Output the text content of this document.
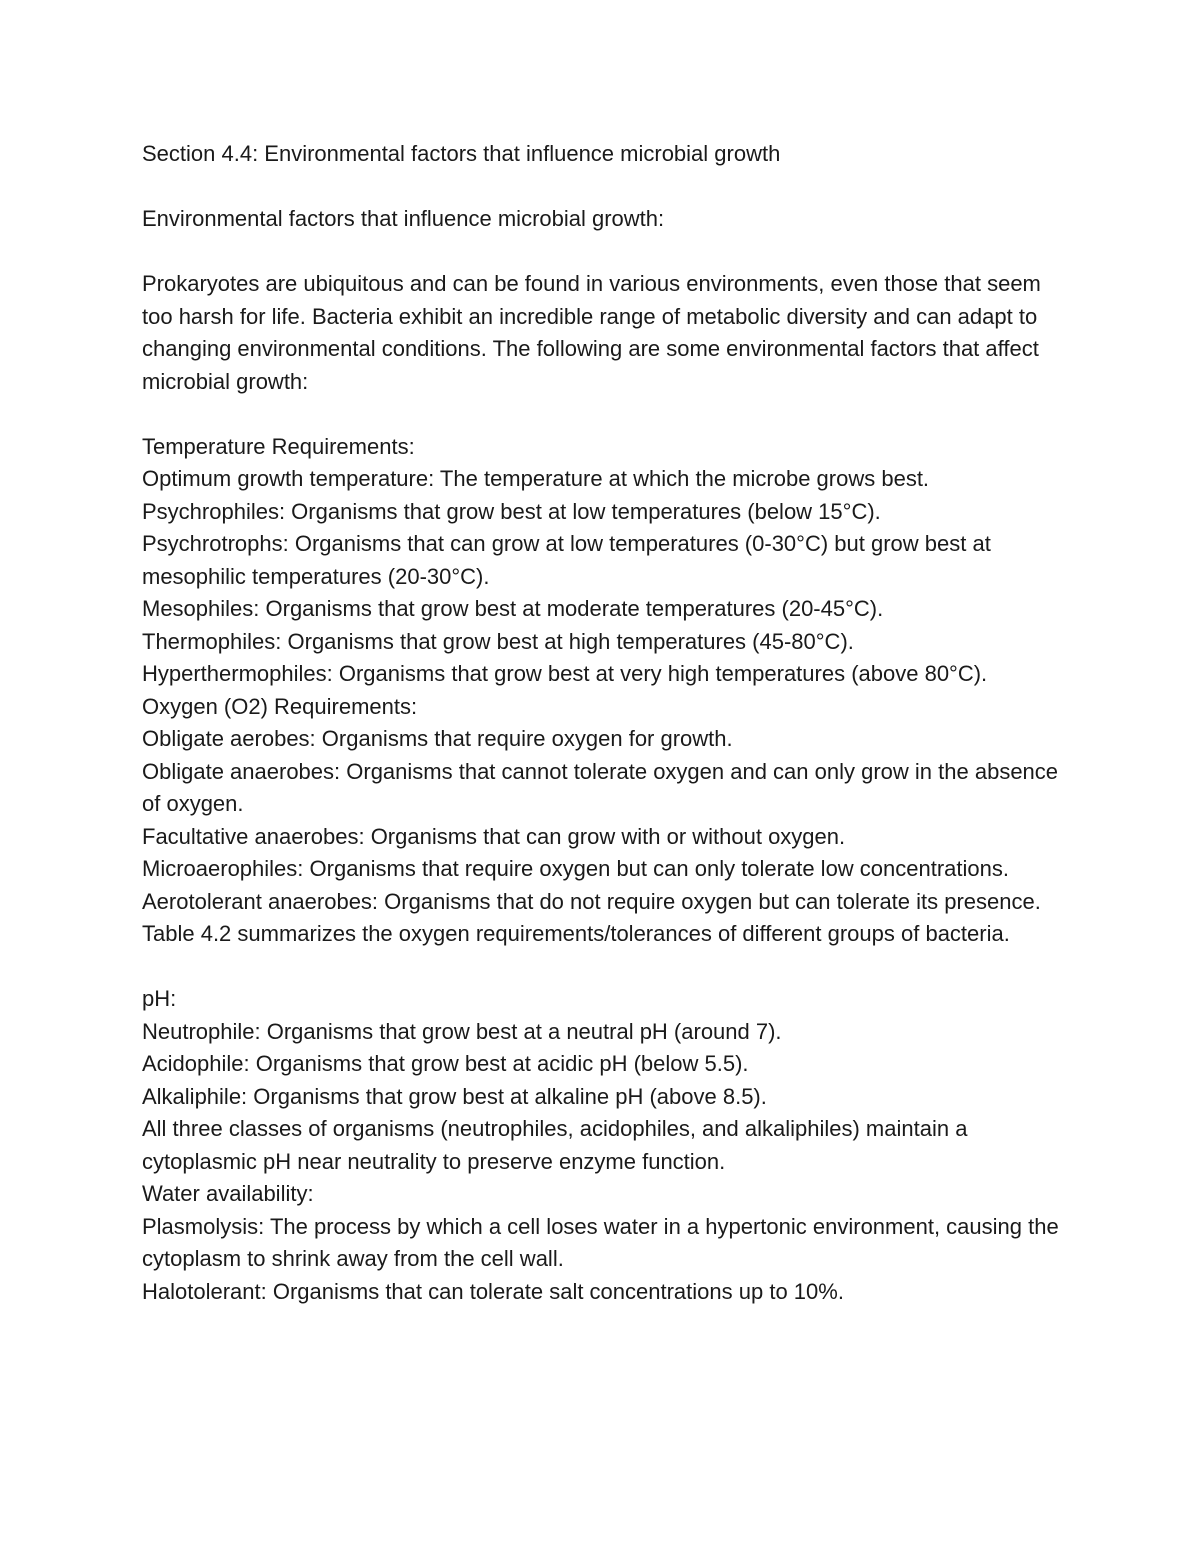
Section 4.4: Environmental factors that influence microbial growth

Environmental factors that influence microbial growth:

Prokaryotes are ubiquitous and can be found in various environments, even those that seem too harsh for life. Bacteria exhibit an incredible range of metabolic diversity and can adapt to changing environmental conditions. The following are some environmental factors that affect microbial growth:

Temperature Requirements:

Optimum growth temperature: The temperature at which the microbe grows best.

Psychrophiles: Organisms that grow best at low temperatures (below 15°C).

Psychrotrophs: Organisms that can grow at low temperatures (0-30°C) but grow best at mesophilic temperatures (20-30°C).

Mesophiles: Organisms that grow best at moderate temperatures (20-45°C).

Thermophiles: Organisms that grow best at high temperatures (45-80°C).

Hyperthermophiles: Organisms that grow best at very high temperatures (above 80°C).

Oxygen (O2) Requirements:

Obligate aerobes: Organisms that require oxygen for growth.

Obligate anaerobes: Organisms that cannot tolerate oxygen and can only grow in the absence of oxygen.

Facultative anaerobes: Organisms that can grow with or without oxygen.

Microaerophiles: Organisms that require oxygen but can only tolerate low concentrations.

Aerotolerant anaerobes: Organisms that do not require oxygen but can tolerate its presence.

Table 4.2 summarizes the oxygen requirements/tolerances of different groups of bacteria.

pH:

Neutrophile: Organisms that grow best at a neutral pH (around 7).

Acidophile: Organisms that grow best at acidic pH (below 5.5).

Alkaliphile: Organisms that grow best at alkaline pH (above 8.5).

All three classes of organisms (neutrophiles, acidophiles, and alkaliphiles) maintain a cytoplasmic pH near neutrality to preserve enzyme function.

Water availability:

Plasmolysis: The process by which a cell loses water in a hypertonic environment, causing the cytoplasm to shrink away from the cell wall.

Halotolerant: Organisms that can tolerate salt concentrations up to 10%.
